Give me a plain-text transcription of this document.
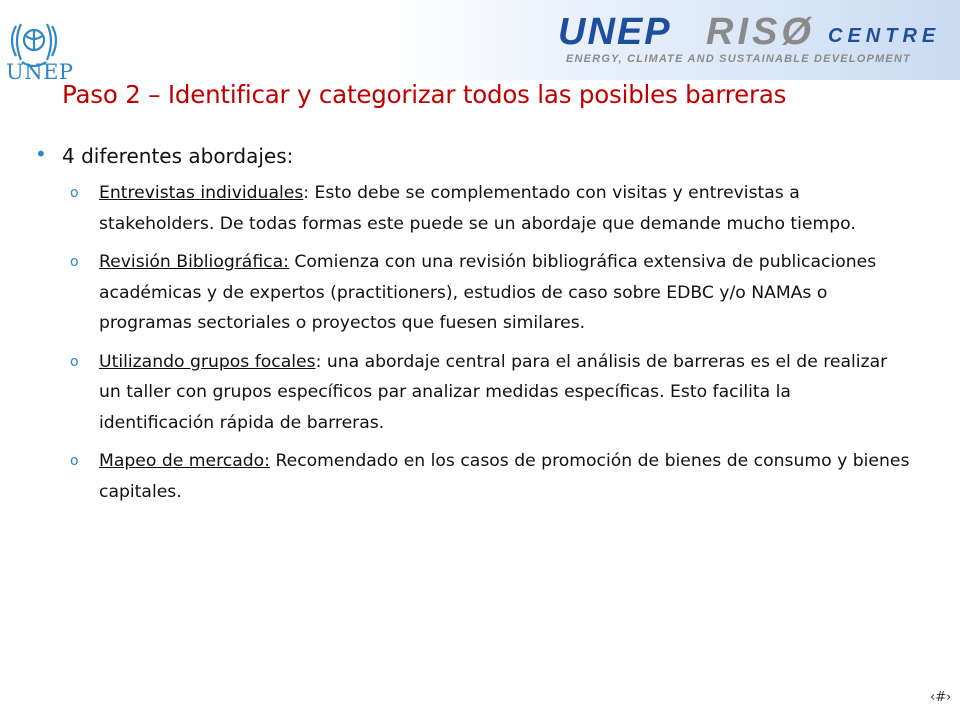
UNEP
UNEP RISØ CENTRE
ENERGY, CLIMATE AND SUSTAINABLE DEVELOPMENT
Paso 2 – Identificar y categorizar todos las posibles barreras
• 4 diferentes abordajes:
o	Entrevistas individuales: Esto debe se complementado con visitas y entrevistas a stakeholders. De todas formas este puede se un abordaje que demande mucho tiempo.
o	Revisión Bibliográfica: Comienza con una revisión bibliográfica extensiva de publicaciones académicas y de expertos (practitioners), estudios de caso sobre EDBC y/o NAMAs o programas sectoriales o proyectos que fuesen similares.
o	Utilizando grupos focales: una abordaje central para el análisis de barreras es el de realizar un taller con grupos específicos par analizar medidas específicas. Esto facilita la identificación rápida de barreras.
o	Mapeo de mercado: Recomendado en los casos de promoción de bienes de consumo y bienes capitales.
‹#›
